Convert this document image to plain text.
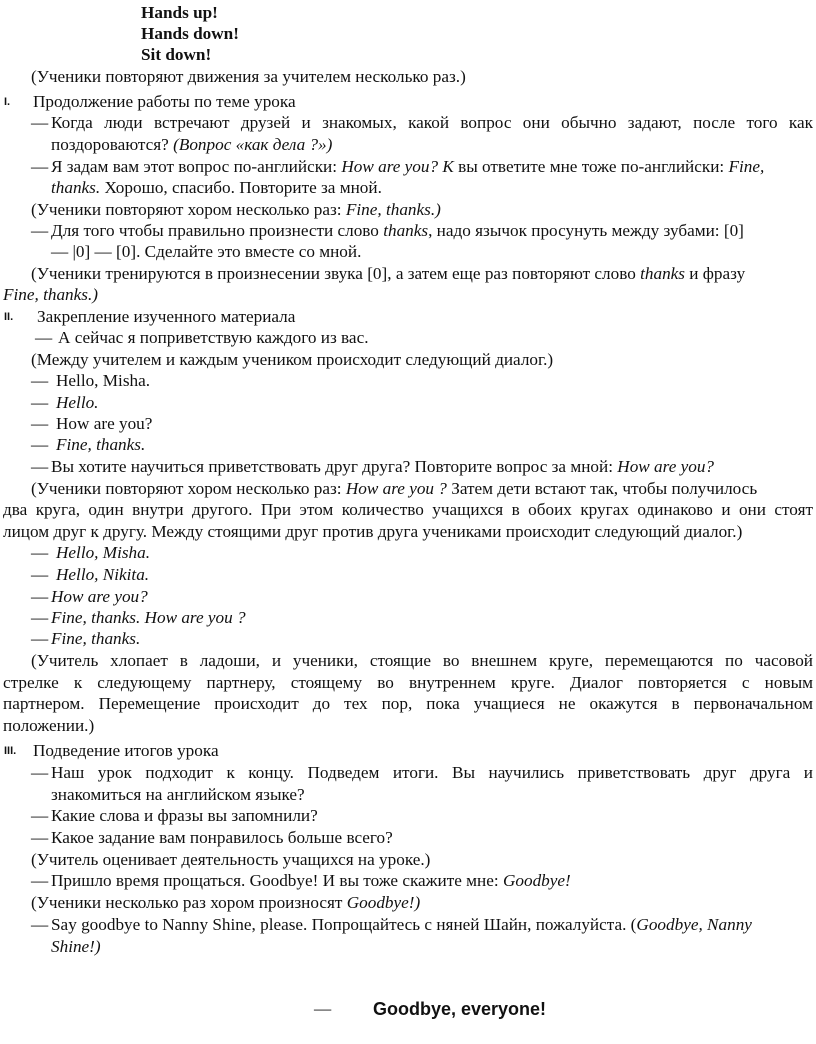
Hands up!
Hands down!
Sit down!
(Ученики повторяют движения за учителем несколько раз.)
I. Продолжение работы по теме урока
— Когда люди встречают друзей и знакомых, какой вопрос они обычно задают, после того как
поздороваются? (Вопрос «как дела ?»)
— Я задам вам этот вопрос по-английски: How are you? К вы ответите мне тоже по-английски: Fine,
thanks. Хорошо, спасибо. Повторите за мной.
(Ученики повторяют хором несколько раз: Fine, thanks.)
— Для того чтобы правильно произнести слово thanks, надо язычок просунуть между зубами: [0]
— |0] — [0]. Сделайте это вместе со мной.
(Ученики тренируются в произнесении звука [0], а затем еще раз повторяют слово thanks и фразу
Fine, thanks.)
II. Закрепление изученного материала
— А сейчас я поприветствую каждого из вас.
(Между учителем и каждым учеником происходит следующий диалог.)
— Hello, Misha.
— Hello.
— How are you?
— Fine, thanks.
— Вы хотите научиться приветствовать друг друга? Повторите вопрос за мной: How are you?
(Ученики повторяют хором несколько раз: How are you ? Затем дети встают так, чтобы получилось
два круга, один внутри другого. При этом количество учащихся в обоих кругах одинаково и они стоят
лицом друг к другу. Между стоящими друг против друга учениками происходит следующий диалог.)
— Hello, Misha.
— Hello, Nikita.
— How are you?
— Fine, thanks. How are you ?
— Fine, thanks.
(Учитель хлопает в ладоши, и ученики, стоящие во внешнем круге, перемещаются по часовой
стрелке к следующему партнеру, стоящему во внутреннем круге. Диалог повторяется с новым
партнером. Перемещение происходит до тех пор, пока учащиеся не окажутся в первоначальном
положении.)
III. Подведение итогов урока
— Наш урок подходит к концу. Подведем итоги. Вы научились приветствовать друг друга и
знакомиться на английском языке?
— Какие слова и фразы вы запомнили?
— Какое задание вам понравилось больше всего?
(Учитель оценивает деятельность учащихся на уроке.)
— Пришло время прощаться. Goodbye! И вы тоже скажите мне: Goodbye!
(Ученики несколько раз хором произносят Goodbye!)
— Say goodbye to Nanny Shine, please. Попрощайтесь с няней Шайн, пожалуйста. (Goodbye, Nanny
Shine!)
— Goodbye, everyone!
